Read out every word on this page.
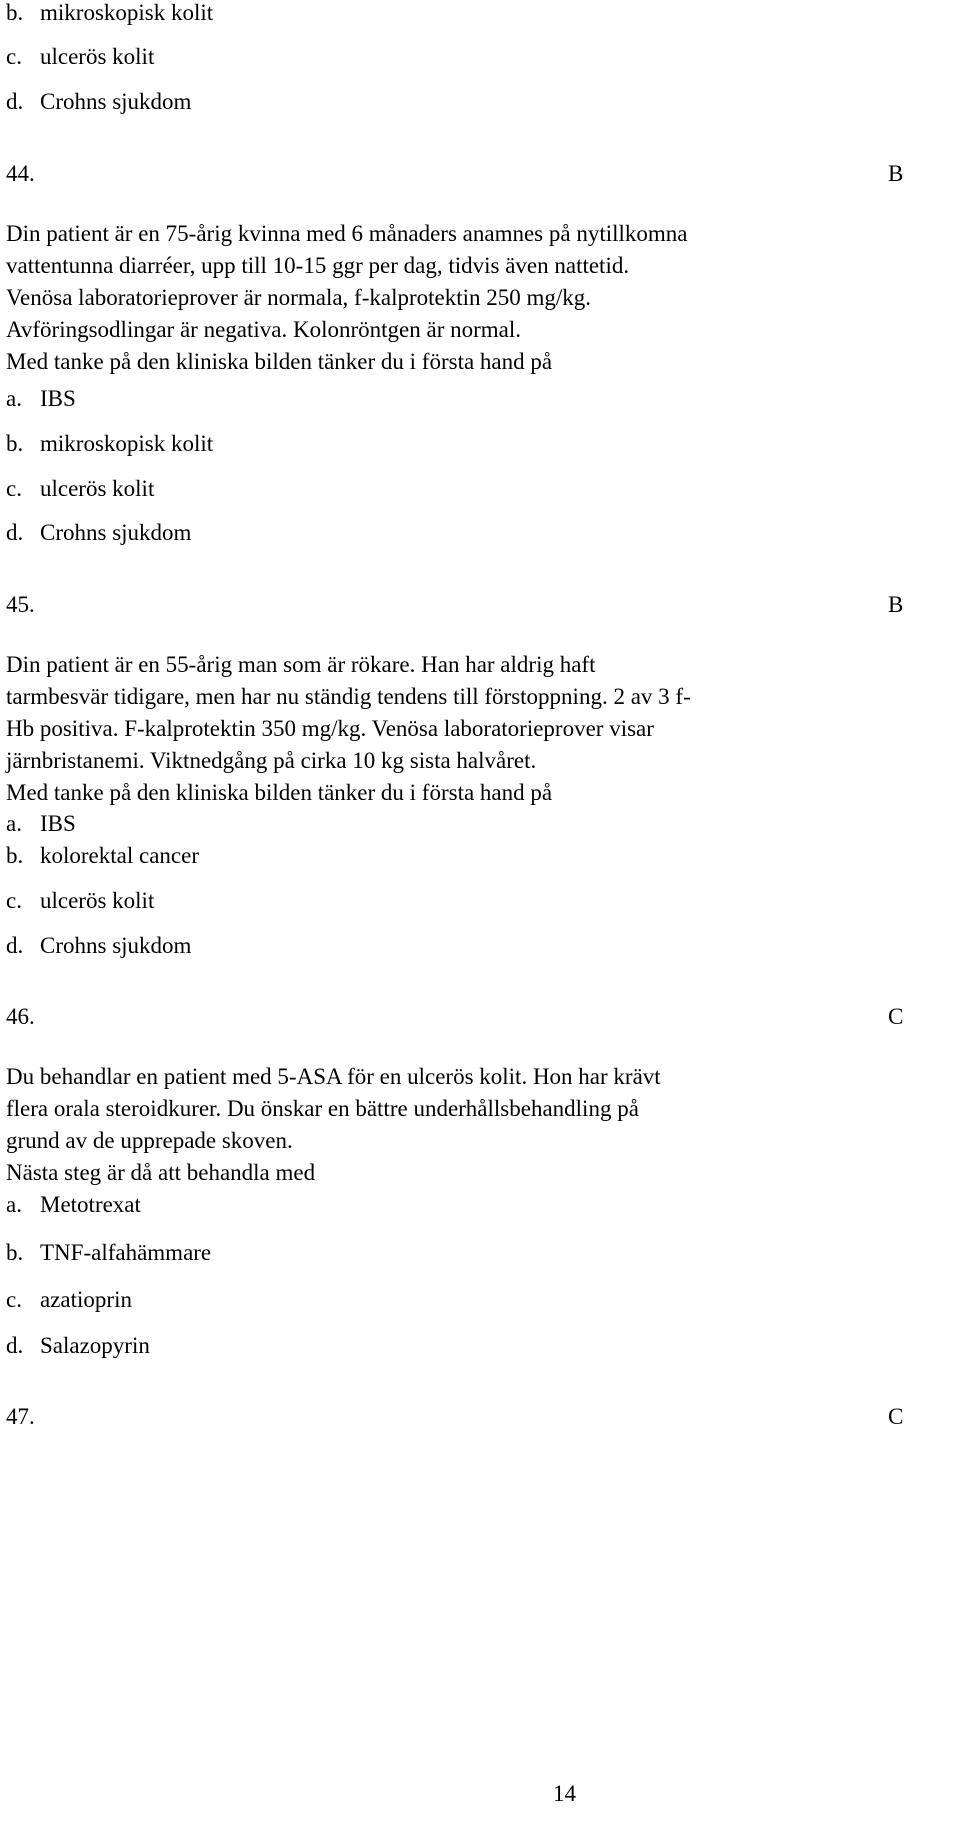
b. mikroskopisk kolit
c. ulcerös kolit
d. Crohns sjukdom
44.	B
Din patient är en 75-årig kvinna med 6 månaders anamnes på nytillkomna
vattentunna diarréer, upp till 10-15 ggr per dag, tidvis även nattetid.
Venösa laboratorieprover är normala, f-kalprotektin 250 mg/kg.
Avföringsodlingar är negativa. Kolonröntgen är normal.
Med tanke på den kliniska bilden tänker du i första hand på
a. IBS
b. mikroskopisk kolit
c. ulcerös kolit
d. Crohns sjukdom
45.	B
Din patient är en 55-årig man som är rökare. Han har aldrig haft
tarmbesvär tidigare, men har nu ständig tendens till förstoppning. 2 av 3 f-
Hb positiva. F-kalprotektin 350 mg/kg. Venösa laboratorieprover visar
järnbristanemi. Viktnedgång på cirka 10 kg sista halvåret.
Med tanke på den kliniska bilden tänker du i första hand på
a. IBS
b. kolorektal cancer
c. ulcerös kolit
d. Crohns sjukdom
46.	C
Du behandlar en patient med 5-ASA för en ulcerös kolit. Hon har krävt
flera orala steroidkurer. Du önskar en bättre underhållsbehandling på
grund av de upprepade skoven.
Nästa steg är då att behandla med
a. Metotrexat
b. TNF-alfahämmare
c. azatioprin
d. Salazopyrin
47.	C
14
